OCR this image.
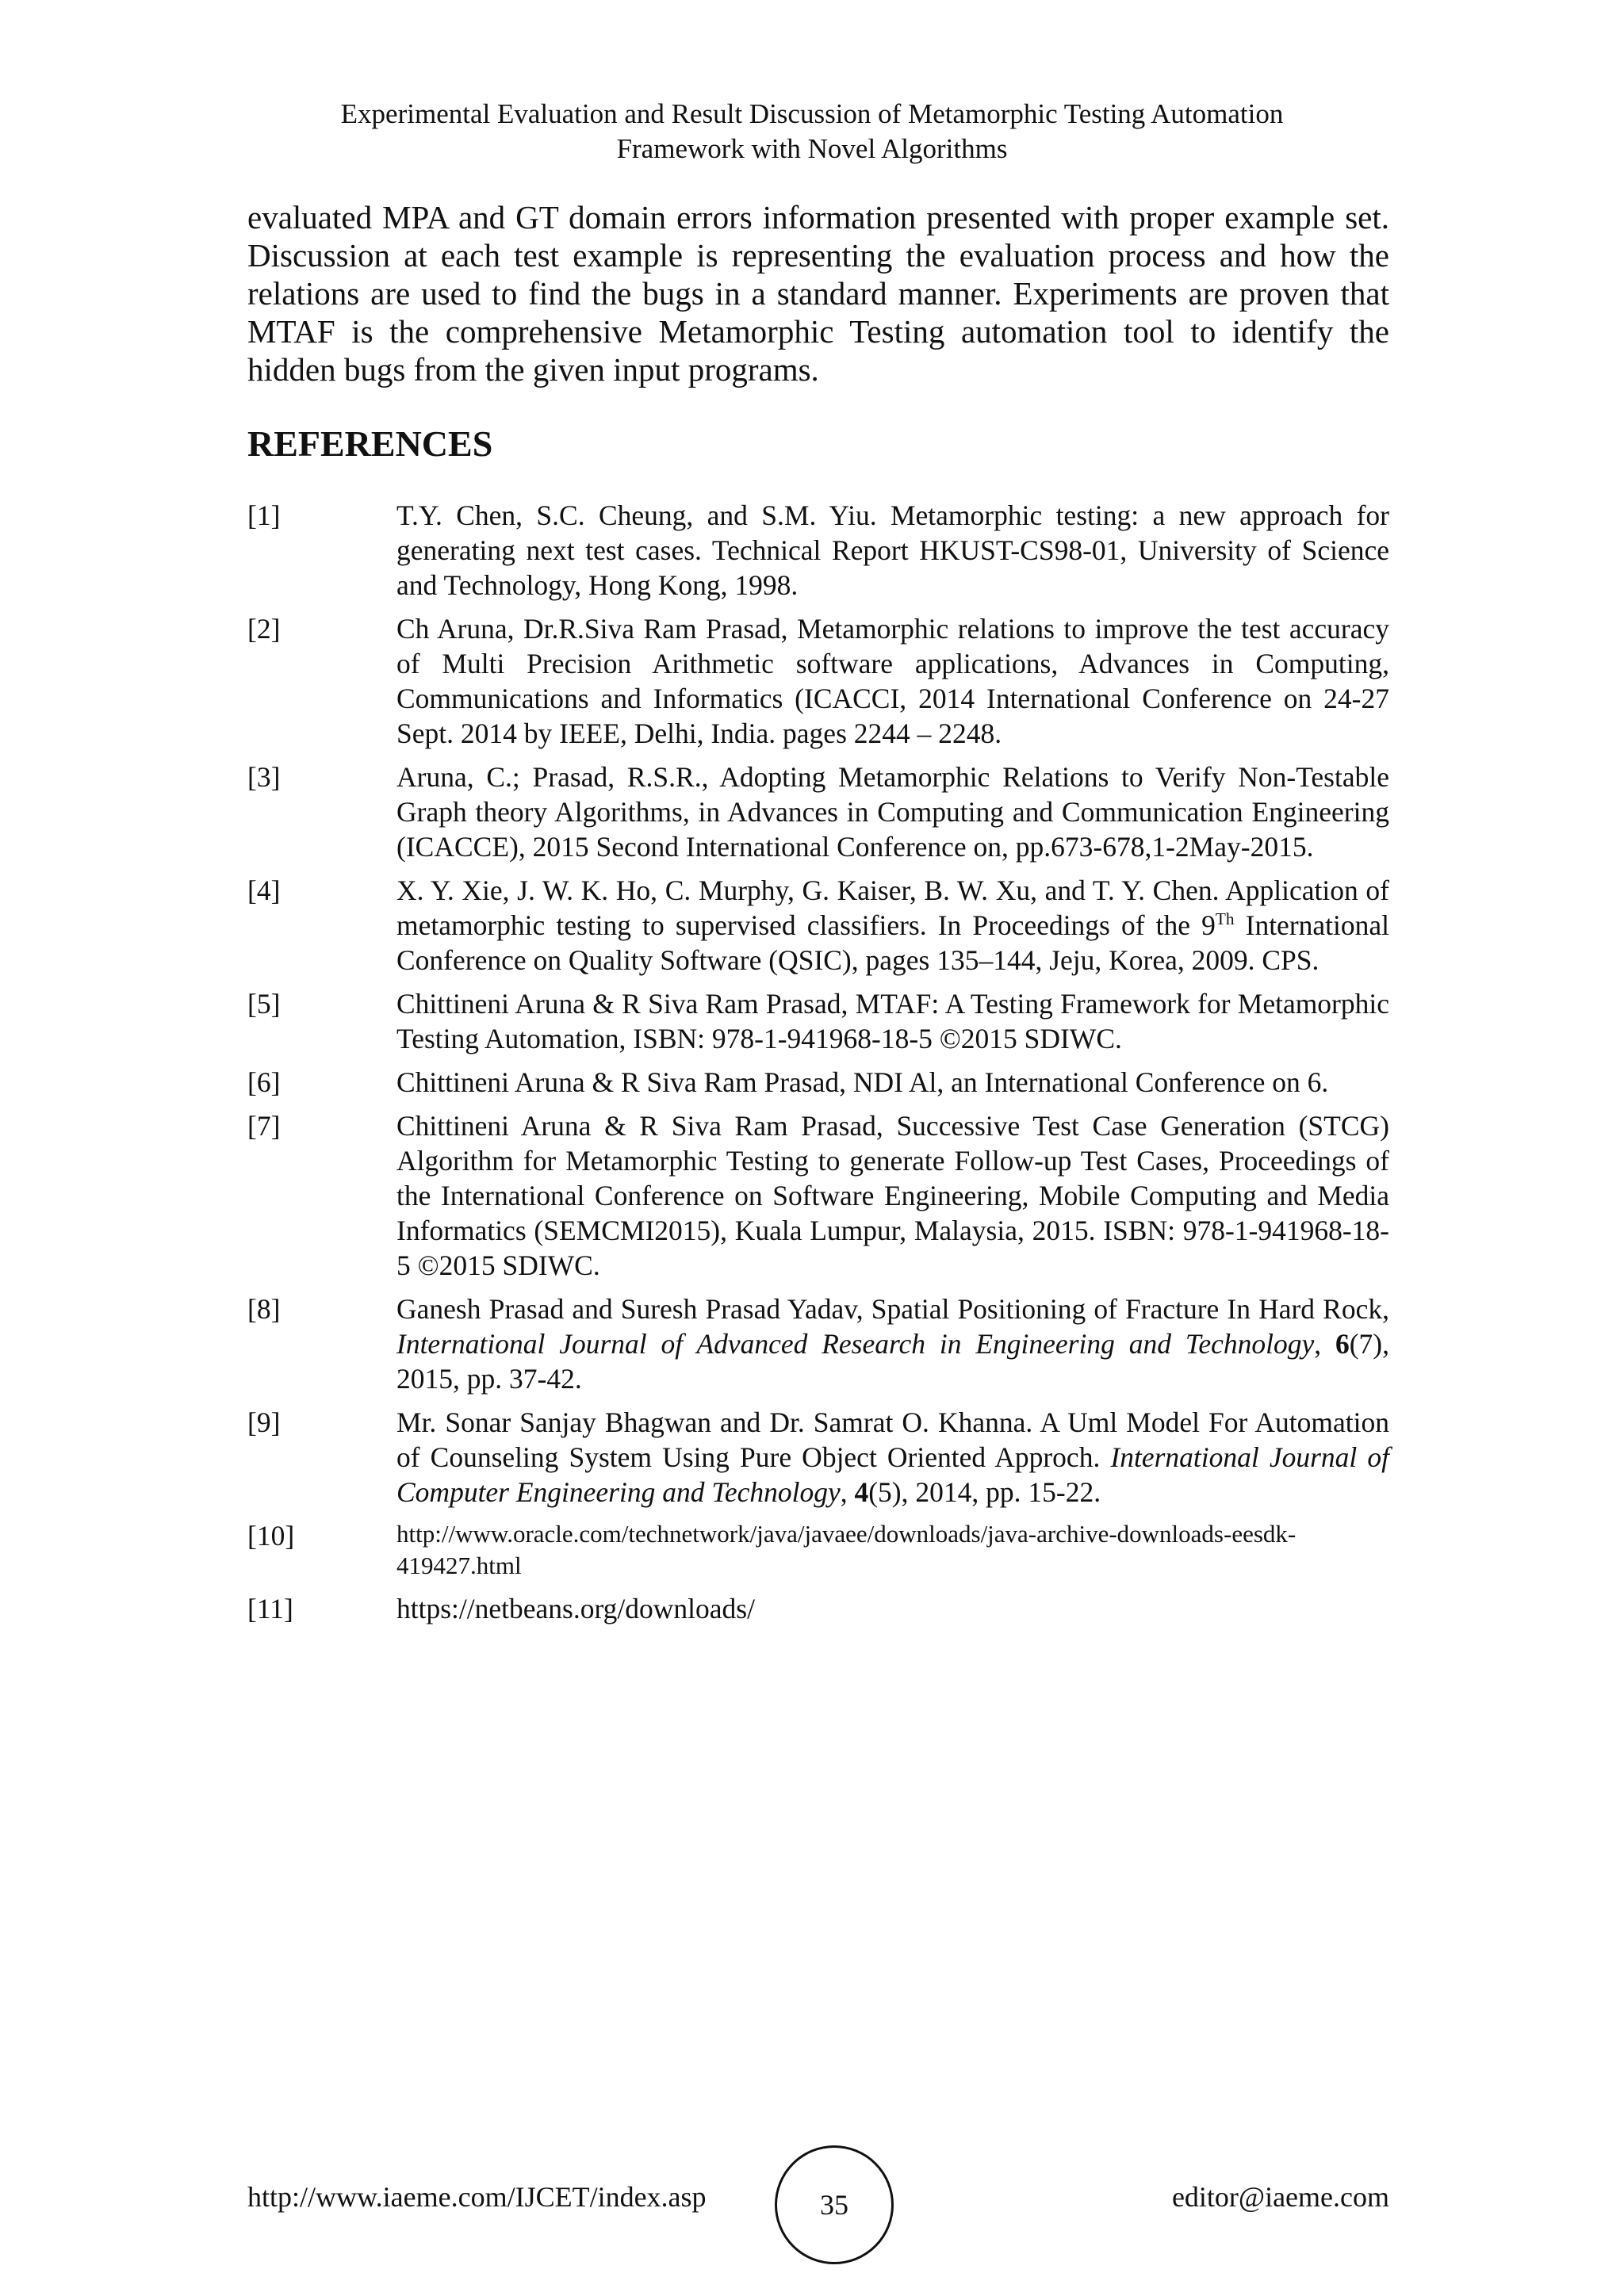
Experimental Evaluation and Result Discussion of Metamorphic Testing Automation
Framework with Novel Algorithms

evaluated MPA and GT domain errors information presented with proper example set. Discussion at each test example is representing the evaluation process and how the relations are used to find the bugs in a standard manner. Experiments are proven that MTAF is the comprehensive Metamorphic Testing automation tool to identify the hidden bugs from the given input programs.

REFERENCES
[1]	T.Y. Chen, S.C. Cheung, and S.M. Yiu. Metamorphic testing: a new approach for generating next test cases. Technical Report HKUST-CS98-01, University of Science and Technology, Hong Kong, 1998.
[2]	Ch Aruna, Dr.R.Siva Ram Prasad, Metamorphic relations to improve the test accuracy of Multi Precision Arithmetic software applications, Advances in Computing, Communications and Informatics (ICACCI, 2014 International Conference on 24-27 Sept. 2014 by IEEE, Delhi, India. pages 2244 – 2248.
[3]	Aruna, C.; Prasad, R.S.R., Adopting Metamorphic Relations to Verify Non-Testable Graph theory Algorithms, in Advances in Computing and Communication Engineering (ICACCE), 2015 Second International Conference on, pp.673-678,1-2May-2015.
[4]	X. Y. Xie, J. W. K. Ho, C. Murphy, G. Kaiser, B. W. Xu, and T. Y. Chen. Application of metamorphic testing to supervised classifiers. In Proceedings of the 9Th International Conference on Quality Software (QSIC), pages 135–144, Jeju, Korea, 2009. CPS.
[5]	Chittineni Aruna & R Siva Ram Prasad, MTAF: A Testing Framework for Metamorphic Testing Automation, ISBN: 978-1-941968-18-5 ©2015 SDIWC.
[6]	Chittineni Aruna & R Siva Ram Prasad, NDI Al, an International Conference on 6.
[7]	Chittineni Aruna & R Siva Ram Prasad, Successive Test Case Generation (STCG) Algorithm for Metamorphic Testing to generate Follow-up Test Cases, Proceedings of the International Conference on Software Engineering, Mobile Computing and Media Informatics (SEMCMI2015), Kuala Lumpur, Malaysia, 2015. ISBN: 978-1-941968-18-5 ©2015 SDIWC.
[8]	Ganesh Prasad and Suresh Prasad Yadav, Spatial Positioning of Fracture In Hard Rock, International Journal of Advanced Research in Engineering and Technology, 6(7), 2015, pp. 37-42.
[9]	Mr. Sonar Sanjay Bhagwan and Dr. Samrat O. Khanna. A Uml Model For Automation of Counseling System Using Pure Object Oriented Approch. International Journal of Computer Engineering and Technology, 4(5), 2014, pp. 15-22.
[10]	http://www.oracle.com/technetwork/java/javaee/downloads/java-archive-downloads-eesdk-419427.html
[11]	https://netbeans.org/downloads/
http://www.iaeme.com/IJCET/index.asp	35	editor@iaeme.com
